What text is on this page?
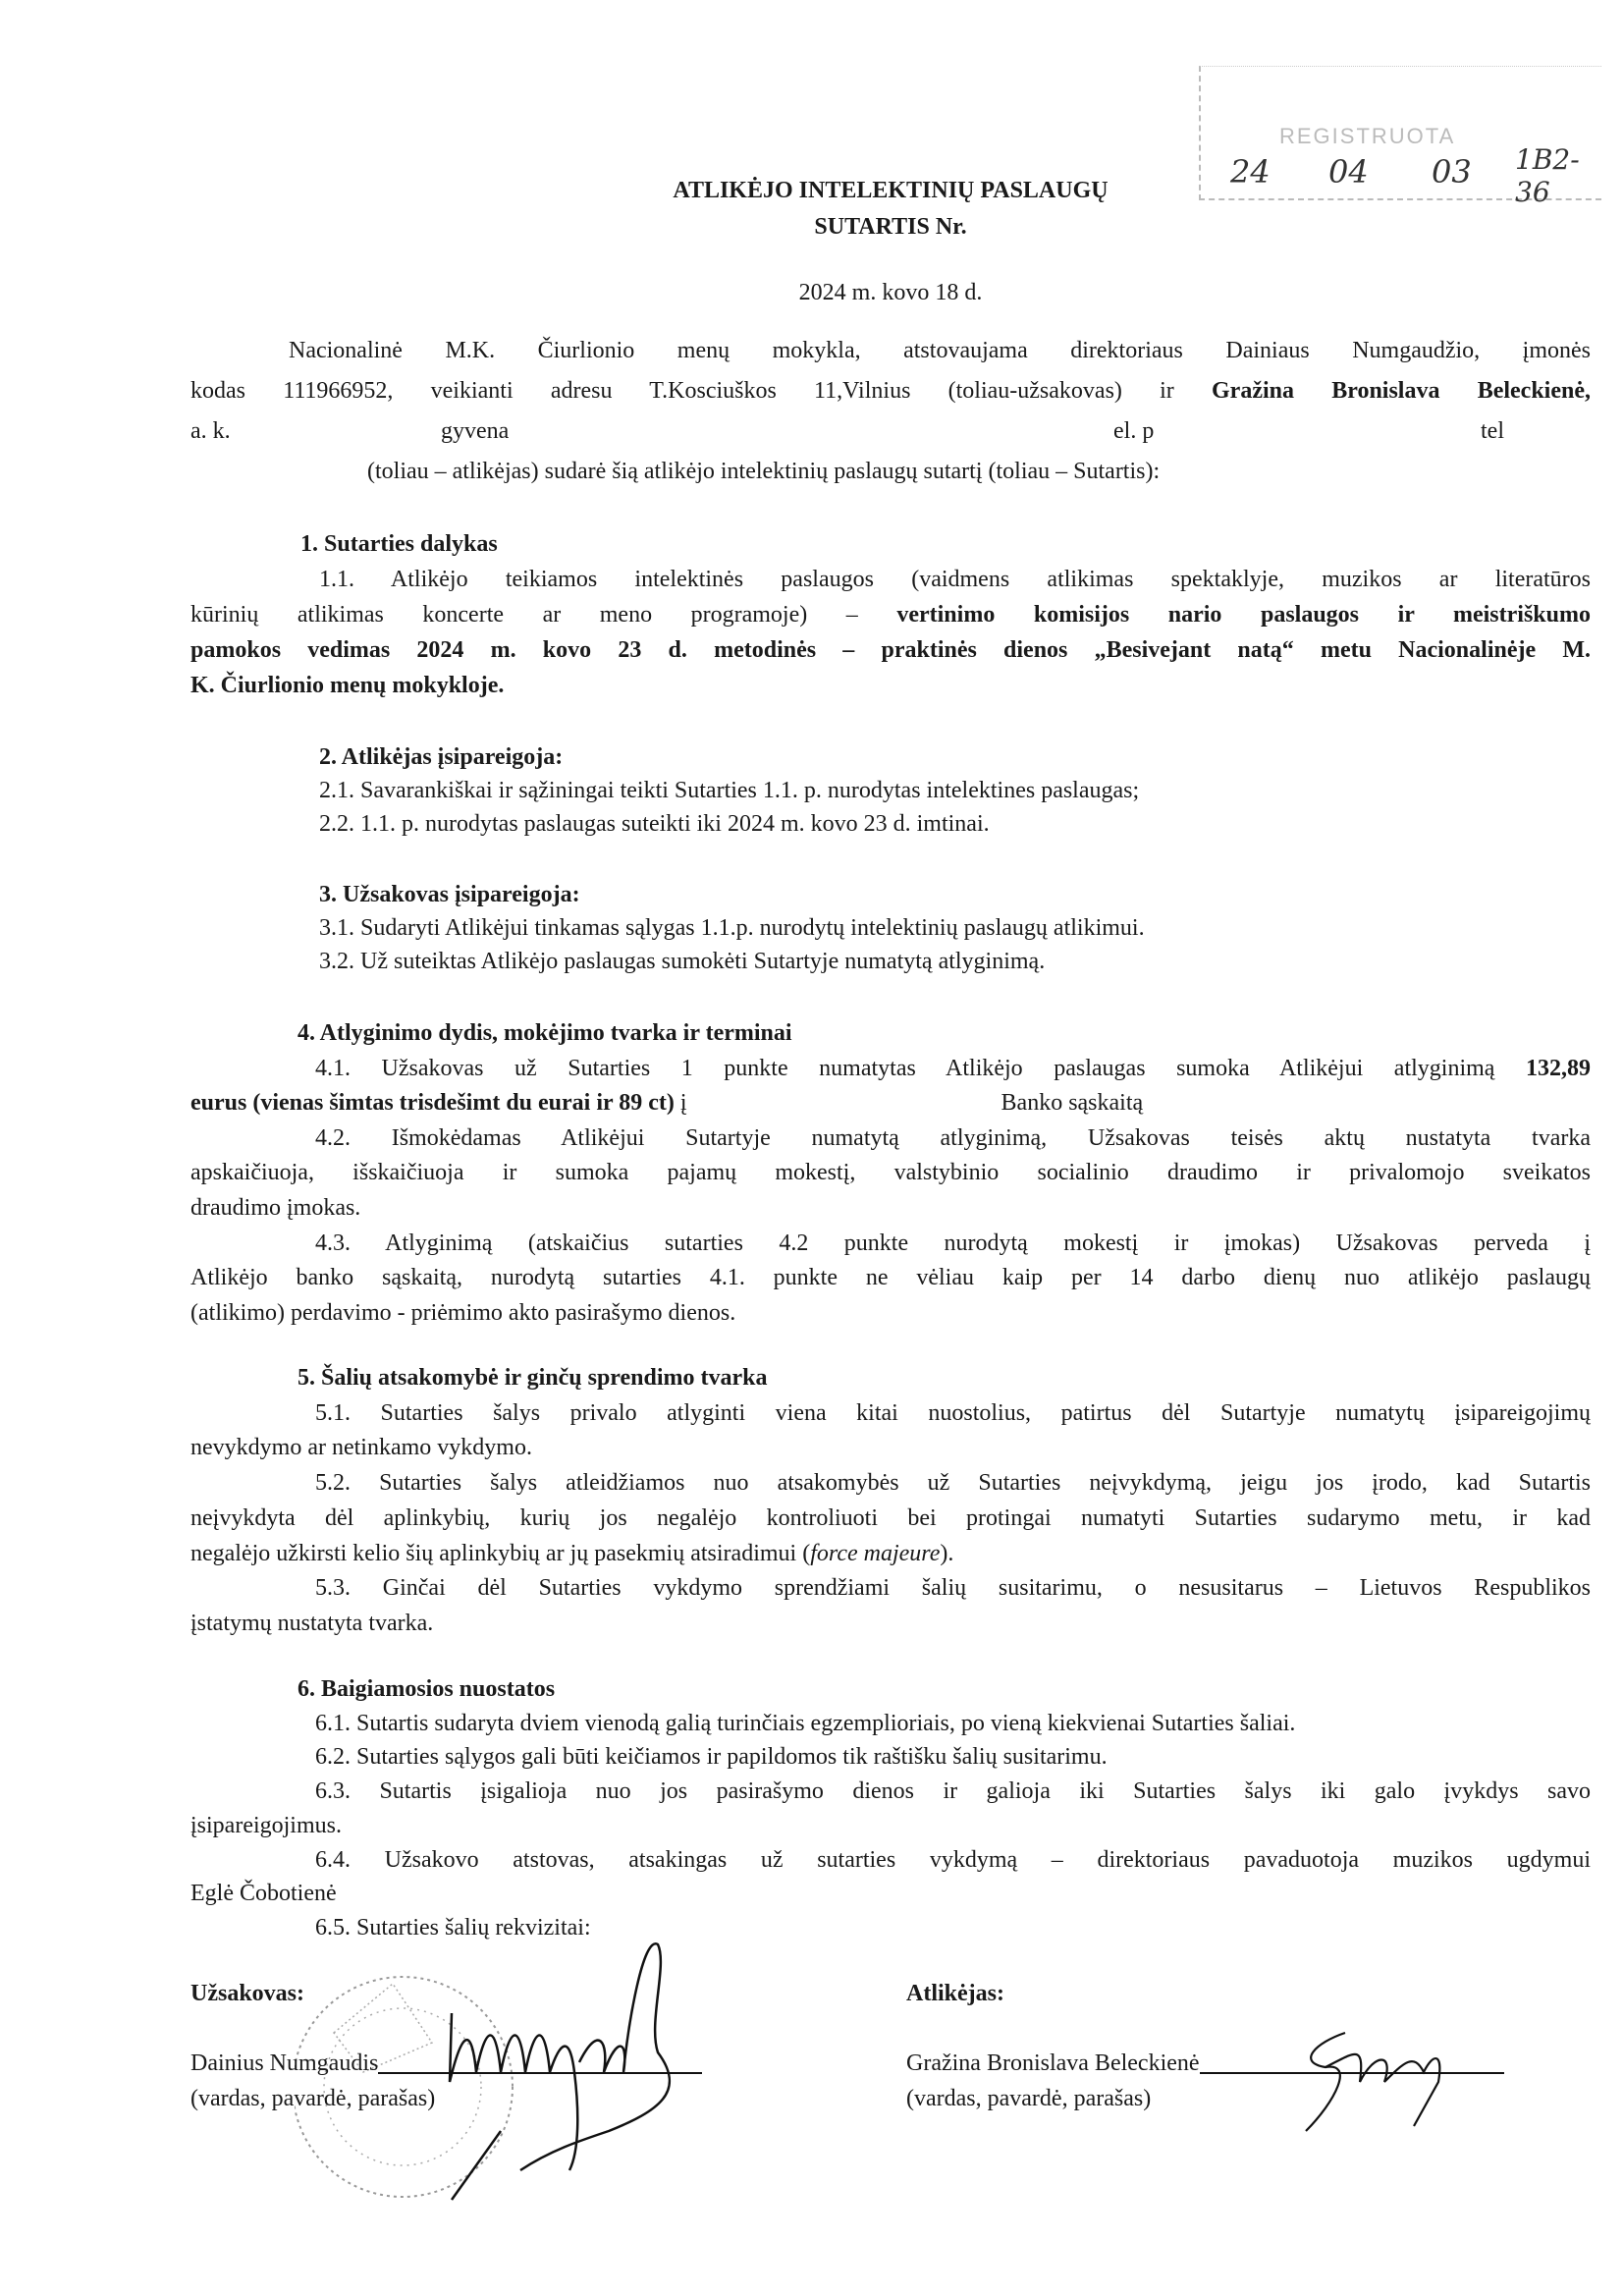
REGISTRUOTA
24 04 03 1B2-36
ATLIKĖJO INTELEKTINIŲ PASLAUGŲ
SUTARTIS Nr.
2024 m. kovo 18 d.
Nacionalinė M.K. Čiurlionio menų mokykla, atstovaujama direktoriaus Dainiaus Numgaudžio, įmonės
kodas 111966952, veikianti adresu T.Kosciuškos 11,Vilnius (toliau-užsakovas) ir Gražina Bronislava Beleckienė,
a. k.	gyvena	el. p	tel
(toliau – atlikėjas) sudarė šią atlikėjo intelektinių paslaugų sutartį (toliau – Sutartis):
1. Sutarties dalykas
1.1. Atlikėjo teikiamos intelektinės paslaugos (vaidmens atlikimas spektaklyje, muzikos ar literatūros
kūrinių atlikimas koncerte ar meno programoje) – vertinimo komisijos nario paslaugos ir meistriškumo
pamokos vedimas 2024 m. kovo 23 d. metodinės – praktinės dienos „Besivejant natą“ metu Nacionalinėje M.
K. Čiurlionio menų mokykloje.
2. Atlikėjas įsipareigoja:
2.1. Savarankiškai ir sąžiningai teikti Sutarties 1.1. p. nurodytas intelektines paslaugas;
2.2. 1.1. p. nurodytas paslaugas suteikti iki 2024 m. kovo 23 d. imtinai.
3. Užsakovas įsipareigoja:
3.1. Sudaryti Atlikėjui tinkamas sąlygas 1.1.p. nurodytų intelektinių paslaugų atlikimui.
3.2. Už suteiktas Atlikėjo paslaugas sumokėti Sutartyje numatytą atlyginimą.
4. Atlyginimo dydis, mokėjimo tvarka ir terminai
4.1. Užsakovas už Sutarties 1 punkte numatytas Atlikėjo paslaugas sumoka Atlikėjui atlyginimą 132,89
eurus (vienas šimtas trisdešimt du eurai ir 89 ct) į	Banko sąskaitą
4.2. Išmokėdamas Atlikėjui Sutartyje numatytą atlyginimą, Užsakovas teisės aktų nustatyta tvarka
apskaičiuoja, išskaičiuoja ir sumoka pajamų mokestį, valstybinio socialinio draudimo ir privalomojo sveikatos
draudimo įmokas.
4.3. Atlyginimą (atskaičius sutarties 4.2 punkte nurodytą mokestį ir įmokas) Užsakovas perveda į
Atlikėjo banko sąskaitą, nurodytą sutarties 4.1. punkte ne vėliau kaip per 14 darbo dienų nuo atlikėjo paslaugų
(atlikimo) perdavimo - priėmimo akto pasirašymo dienos.
5. Šalių atsakomybė ir ginčų sprendimo tvarka
5.1. Sutarties šalys privalo atlyginti viena kitai nuostolius, patirtus dėl Sutartyje numatytų įsipareigojimų
nevykdymo ar netinkamo vykdymo.
5.2. Sutarties šalys atleidžiamos nuo atsakomybės už Sutarties neįvykdymą, jeigu jos įrodo, kad Sutartis
neįvykdyta dėl aplinkybių, kurių jos negalėjo kontroliuoti bei protingai numatyti Sutarties sudarymo metu, ir kad
negalėjo užkirsti kelio šių aplinkybių ar jų pasekmių atsiradimui (force majeure).
5.3. Ginčai dėl Sutarties vykdymo sprendžiami šalių susitarimu, o nesusitarus – Lietuvos Respublikos
įstatymų nustatyta tvarka.
6. Baigiamosios nuostatos
6.1. Sutartis sudaryta dviem vienodą galią turinčiais egzemplioriais, po vieną kiekvienai Sutarties šaliai.
6.2. Sutarties sąlygos gali būti keičiamos ir papildomos tik raštišku šalių susitarimu.
6.3. Sutartis įsigalioja nuo jos pasirašymo dienos ir galioja iki Sutarties šalys iki galo įvykdys savo
įsipareigojimus.
6.4. Užsakovo atstovas, atsakingas už sutarties vykdymą – direktoriaus pavaduotoja muzikos ugdymui
Eglė Čobotienė
6.5. Sutarties šalių rekvizitai:
Užsakovas:
Dainius Numgaudis
(vardas, pavardė, parašas)
Atlikėjas:
Gražina Bronislava Beleckienė
(vardas, pavardė, parašas)
